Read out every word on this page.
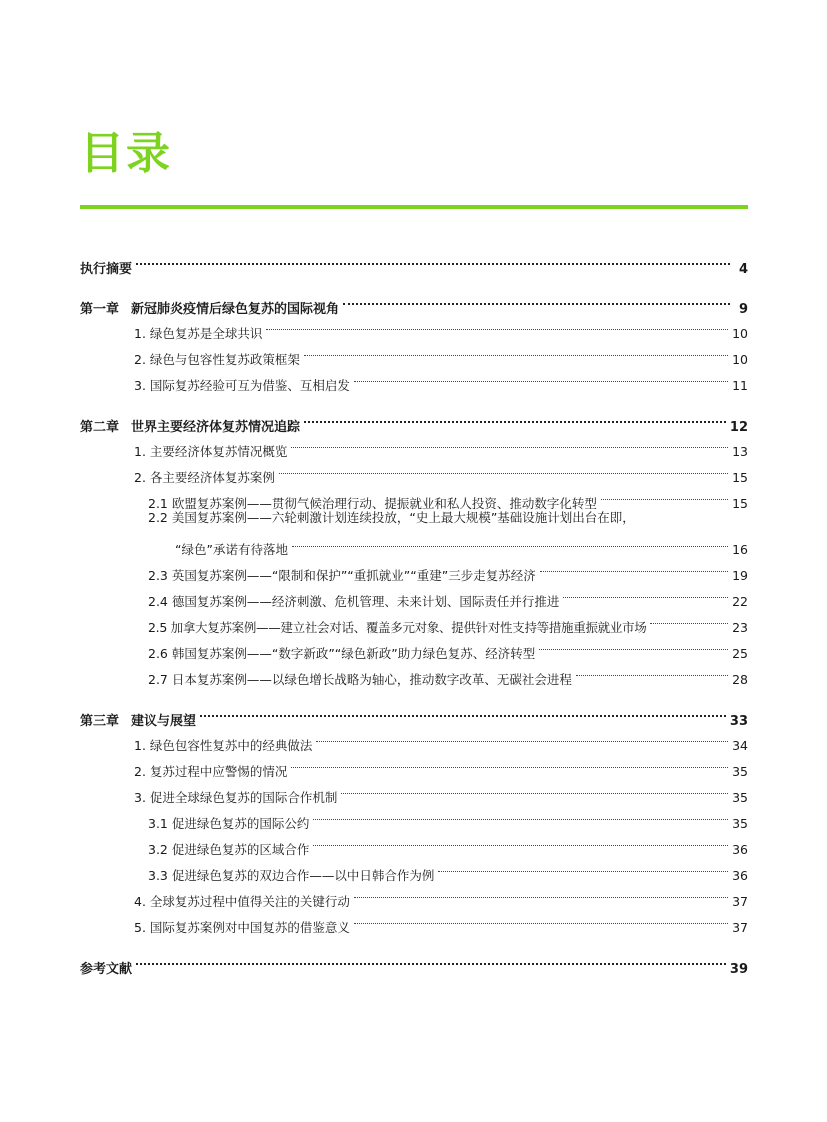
目录
执行摘要	4
第一章 新冠肺炎疫情后绿色复苏的国际视角	9
1. 绿色复苏是全球共识	10
2. 绿色与包容性复苏政策框架	10
3. 国际复苏经验可互为借鉴、互相启发	11
第二章 世界主要经济体复苏情况追踪	12
1. 主要经济体复苏情况概览	13
2. 各主要经济体复苏案例	15
2.1 欧盟复苏案例——贯彻气候治理行动、提振就业和私人投资、推动数字化转型	15
2.2 美国复苏案例——六轮刺激计划连续投放，“史上最大规模”基础设施计划出台在即，
“绿色”承诺有待落地	16
2.3 英国复苏案例——“限制和保护”“重抓就业”“重建”三步走复苏经济	19
2.4 德国复苏案例——经济刺激、危机管理、未来计划、国际责任并行推进	22
2.5 加拿大复苏案例——建立社会对话、覆盖多元对象、提供针对性支持等措施重振就业市场	23
2.6 韩国复苏案例——“数字新政”“绿色新政”助力绿色复苏、经济转型	25
2.7 日本复苏案例——以绿色增长战略为轴心，推动数字改革、无碳社会进程	28
第三章 建议与展望	33
1. 绿色包容性复苏中的经典做法	34
2. 复苏过程中应警惕的情况	35
3. 促进全球绿色复苏的国际合作机制	35
3.1 促进绿色复苏的国际公约	35
3.2 促进绿色复苏的区域合作	36
3.3 促进绿色复苏的双边合作——以中日韩合作为例	36
4. 全球复苏过程中值得关注的关键行动	37
5. 国际复苏案例对中国复苏的借鉴意义	37
参考文献	39
